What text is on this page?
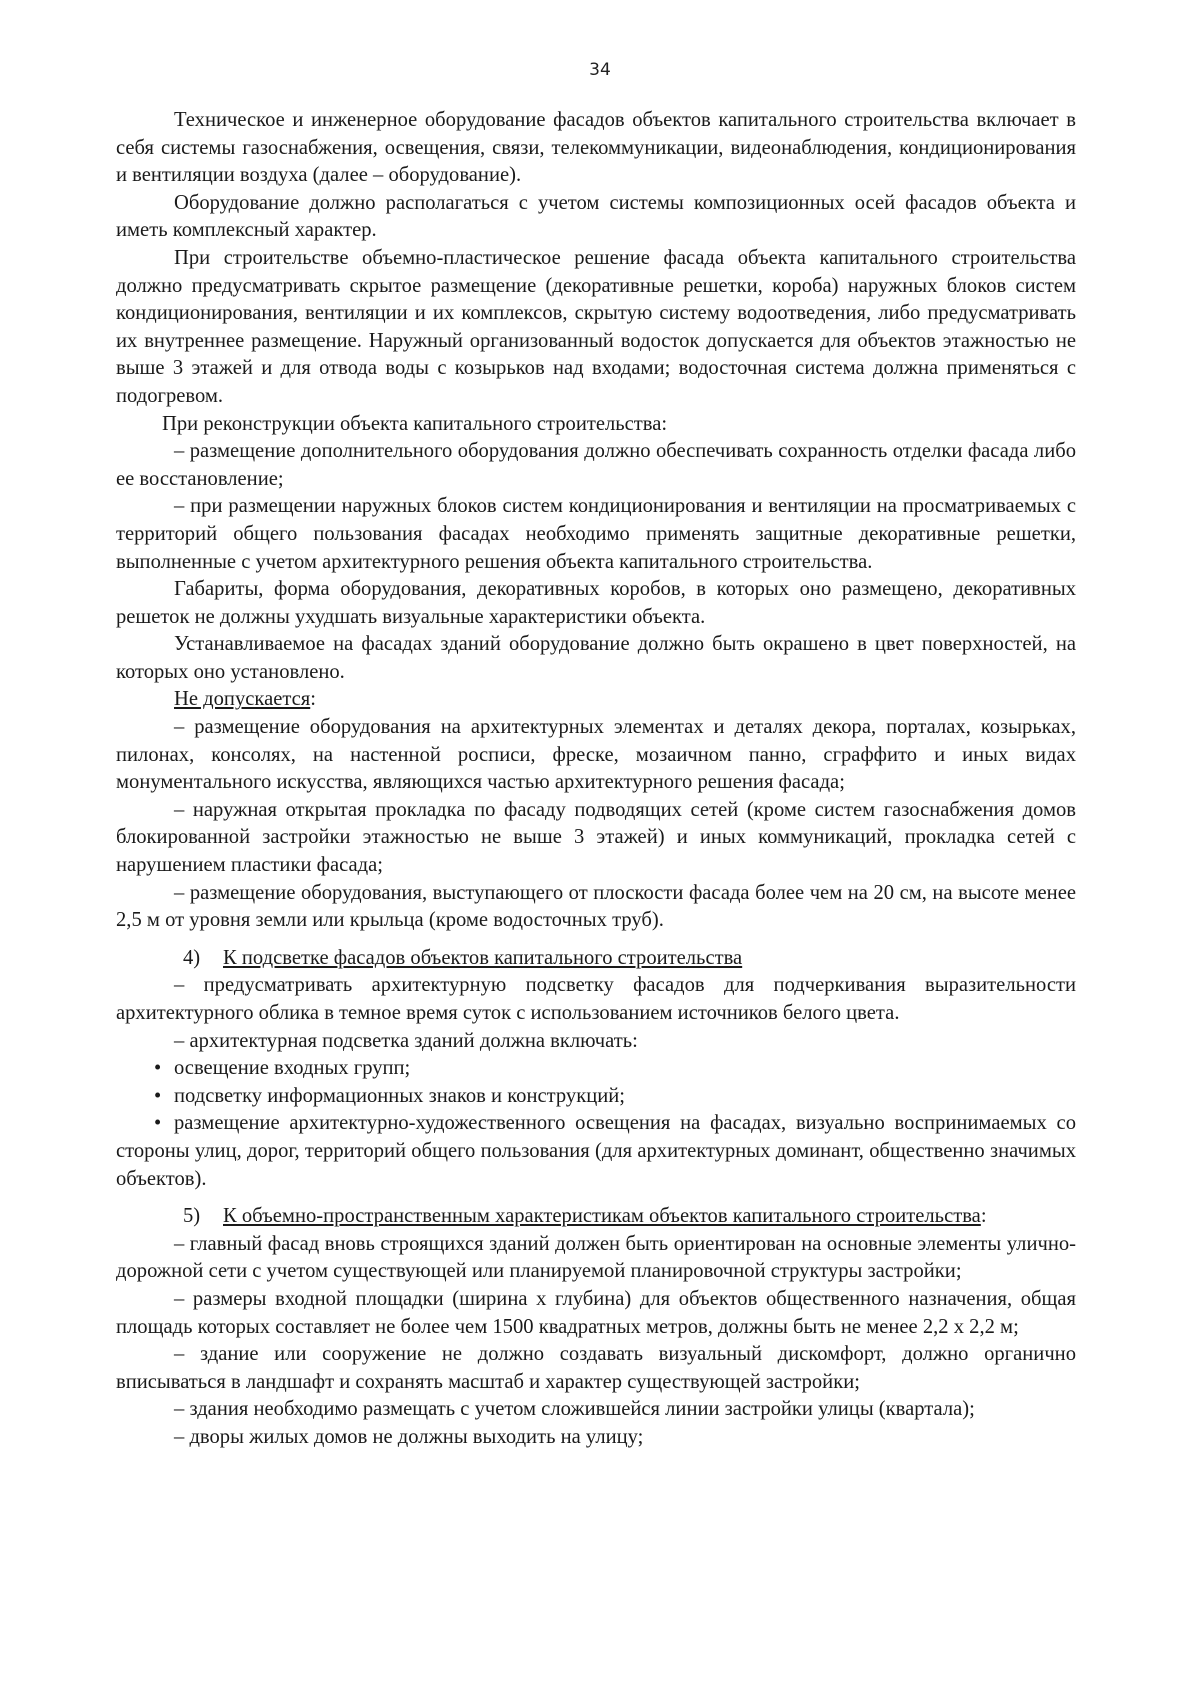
34

Техническое и инженерное оборудование фасадов объектов капитального строительства включает в себя системы газоснабжения, освещения, связи, телекоммуникации, видеонаблюдения, кондиционирования и вентиляции воздуха (далее – оборудование).

Оборудование должно располагаться с учетом системы композиционных осей фасадов объекта и иметь комплексный характер.

При строительстве объемно-пластическое решение фасада объекта капитального строительства должно предусматривать скрытое размещение (декоративные решетки, короба) наружных блоков систем кондиционирования, вентиляции и их комплексов, скрытую систему водоотведения, либо предусматривать их внутреннее размещение. Наружный организованный водосток допускается для объектов этажностью не выше 3 этажей и для отвода воды с козырьков над входами; водосточная система должна применяться с подогревом.

При реконструкции объекта капитального строительства:

– размещение дополнительного оборудования должно обеспечивать сохранность отделки фасада либо ее восстановление;

– при размещении наружных блоков систем кондиционирования и вентиляции на просматриваемых с территорий общего пользования фасадах необходимо применять защитные декоративные решетки, выполненные с учетом архитектурного решения объекта капитального строительства.

Габариты, форма оборудования, декоративных коробов, в которых оно размещено, декоративных решеток не должны ухудшать визуальные характеристики объекта.

Устанавливаемое на фасадах зданий оборудование должно быть окрашено в цвет поверхностей, на которых оно установлено.

Не допускается:

– размещение оборудования на архитектурных элементах и деталях декора, порталах, козырьках, пилонах, консолях, на настенной росписи, фреске, мозаичном панно, сграффито и иных видах монументального искусства, являющихся частью архитектурного решения фасада;

– наружная открытая прокладка по фасаду подводящих сетей (кроме систем газоснабжения домов блокированной застройки этажностью не выше 3 этажей) и иных коммуникаций, прокладка сетей с нарушением пластики фасада;

– размещение оборудования, выступающего от плоскости фасада более чем на 20 см, на высоте менее 2,5 м от уровня земли или крыльца (кроме водосточных труб).

4) К подсветке фасадов объектов капитального строительства

– предусматривать архитектурную подсветку фасадов для подчеркивания выразительности архитектурного облика в темное время суток с использованием источников белого цвета.

– архитектурная подсветка зданий должна включать:

• освещение входных групп;

• подсветку информационных знаков и конструкций;

• размещение архитектурно-художественного освещения на фасадах, визуально воспринимаемых со стороны улиц, дорог, территорий общего пользования (для архитектурных доминант, общественно значимых объектов).

5) К объемно-пространственным характеристикам объектов капитального строительства:

– главный фасад вновь строящихся зданий должен быть ориентирован на основные элементы улично-дорожной сети с учетом существующей или планируемой планировочной структуры застройки;

– размеры входной площадки (ширина х глубина) для объектов общественного назначения, общая площадь которых составляет не более чем 1500 квадратных метров, должны быть не менее 2,2 х 2,2 м;

– здание или сооружение не должно создавать визуальный дискомфорт, должно органично вписываться в ландшафт и сохранять масштаб и характер существующей застройки;

– здания необходимо размещать с учетом сложившейся линии застройки улицы (квартала);

– дворы жилых домов не должны выходить на улицу;
